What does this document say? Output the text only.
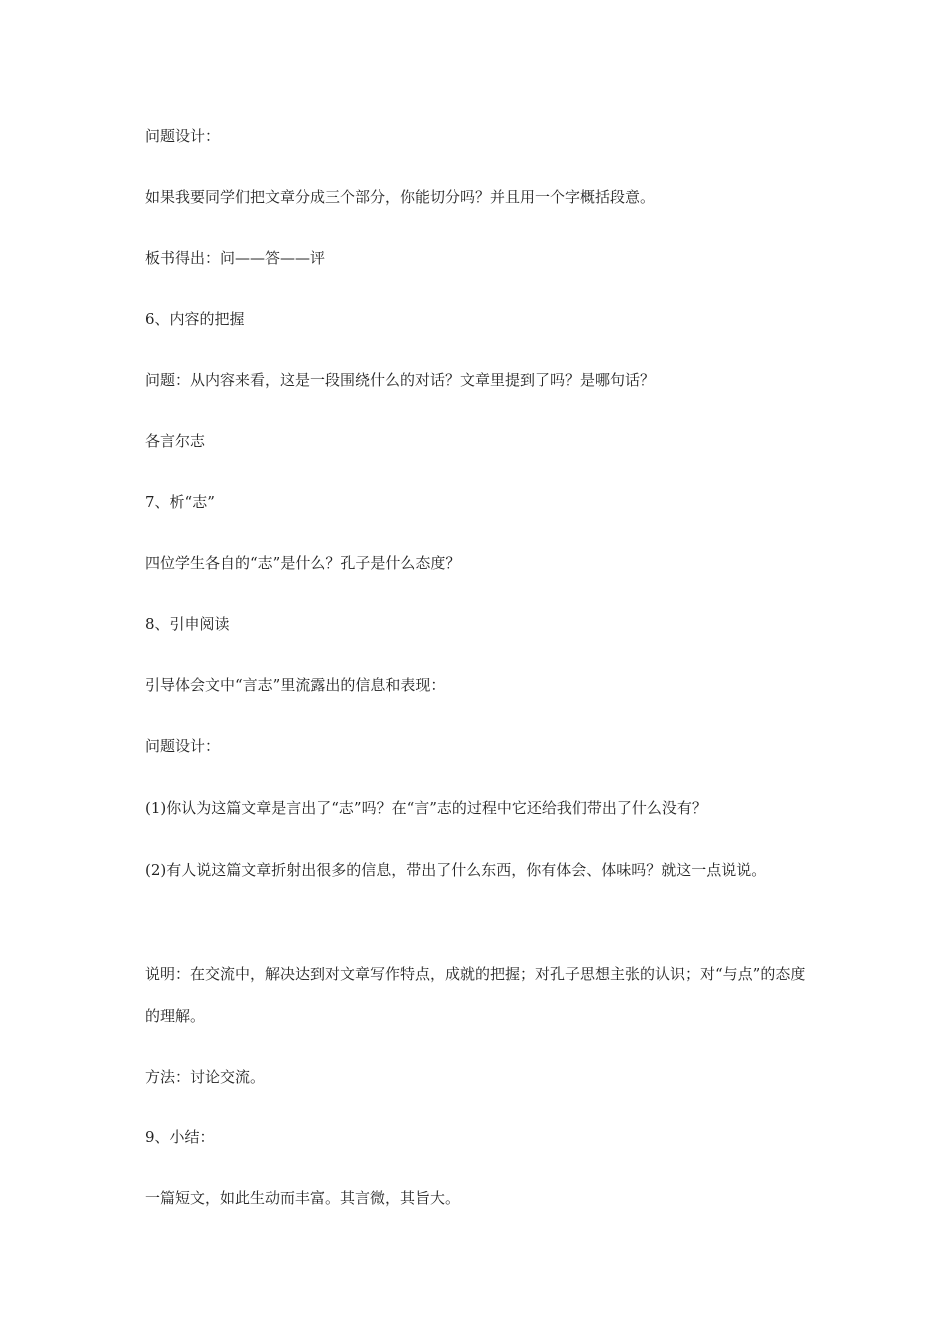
问题设计：

如果我要同学们把文章分成三个部分，你能切分吗？并且用一个字概括段意。

板书得出：问——答——评

6、内容的把握

问题：从内容来看，这是一段围绕什么的对话？文章里提到了吗？是哪句话？

各言尔志

7、析“志”

四位学生各自的“志”是什么？孔子是什么态度？

8、引申阅读

引导体会文中“言志”里流露出的信息和表现：

问题设计：

(1)你认为这篇文章是言出了“志”吗？在“言”志的过程中它还给我们带出了什么没有？

(2)有人说这篇文章折射出很多的信息，带出了什么东西，你有体会、体味吗？就这一点说说。

说明：在交流中，解决达到对文章写作特点，成就的把握；对孔子思想主张的认识；对“与点”的态度的理解。

方法：讨论交流。

9、小结：

一篇短文，如此生动而丰富。其言微，其旨大。
